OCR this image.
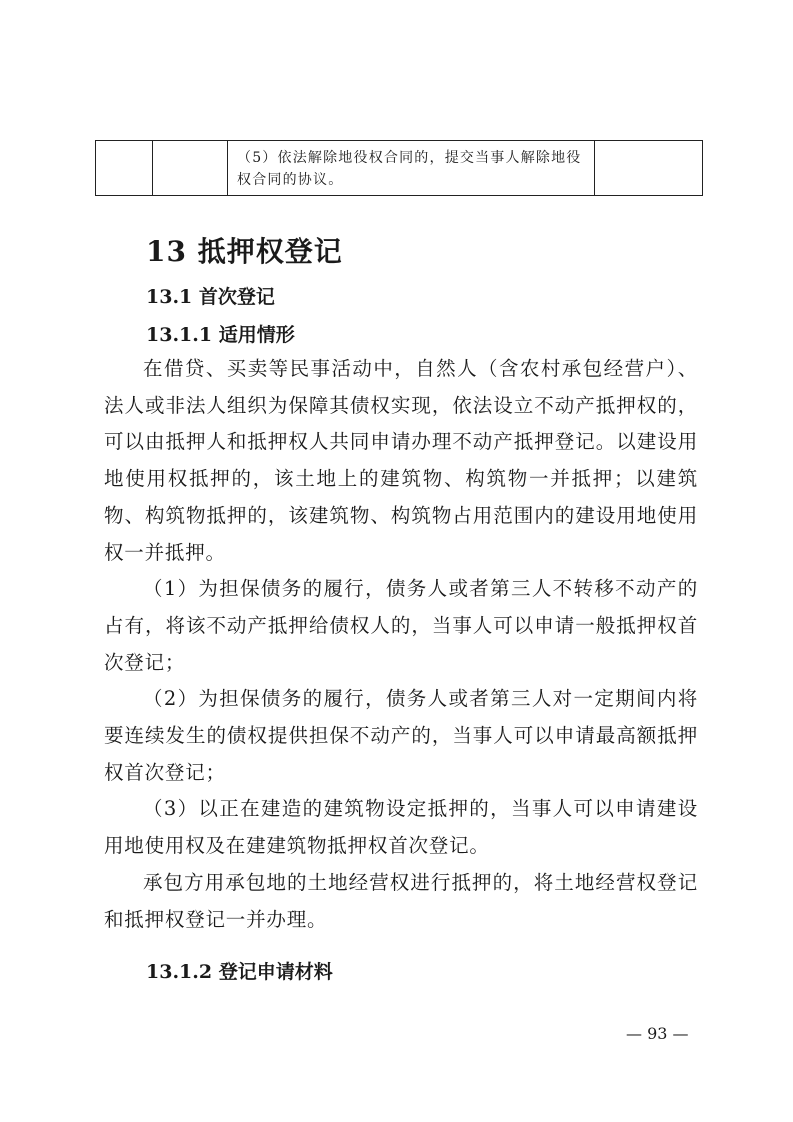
（5）依法解除地役权合同的，提交当事人解除地役权合同的协议。

13 抵押权登记
13.1 首次登记
13.1.1 适用情形

在借贷、买卖等民事活动中，自然人（含农村承包经营户）、法人或非法人组织为保障其债权实现，依法设立不动产抵押权的，可以由抵押人和抵押权人共同申请办理不动产抵押登记。以建设用地使用权抵押的，该土地上的建筑物、构筑物一并抵押；以建筑物、构筑物抵押的，该建筑物、构筑物占用范围内的建设用地使用权一并抵押。

（1）为担保债务的履行，债务人或者第三人不转移不动产的占有，将该不动产抵押给债权人的，当事人可以申请一般抵押权首次登记；

（2）为担保债务的履行，债务人或者第三人对一定期间内将要连续发生的债权提供担保不动产的，当事人可以申请最高额抵押权首次登记；

（3）以正在建造的建筑物设定抵押的，当事人可以申请建设用地使用权及在建建筑物抵押权首次登记。

承包方用承包地的土地经营权进行抵押的，将土地经营权登记和抵押权登记一并办理。

13.1.2 登记申请材料

— 93 —
